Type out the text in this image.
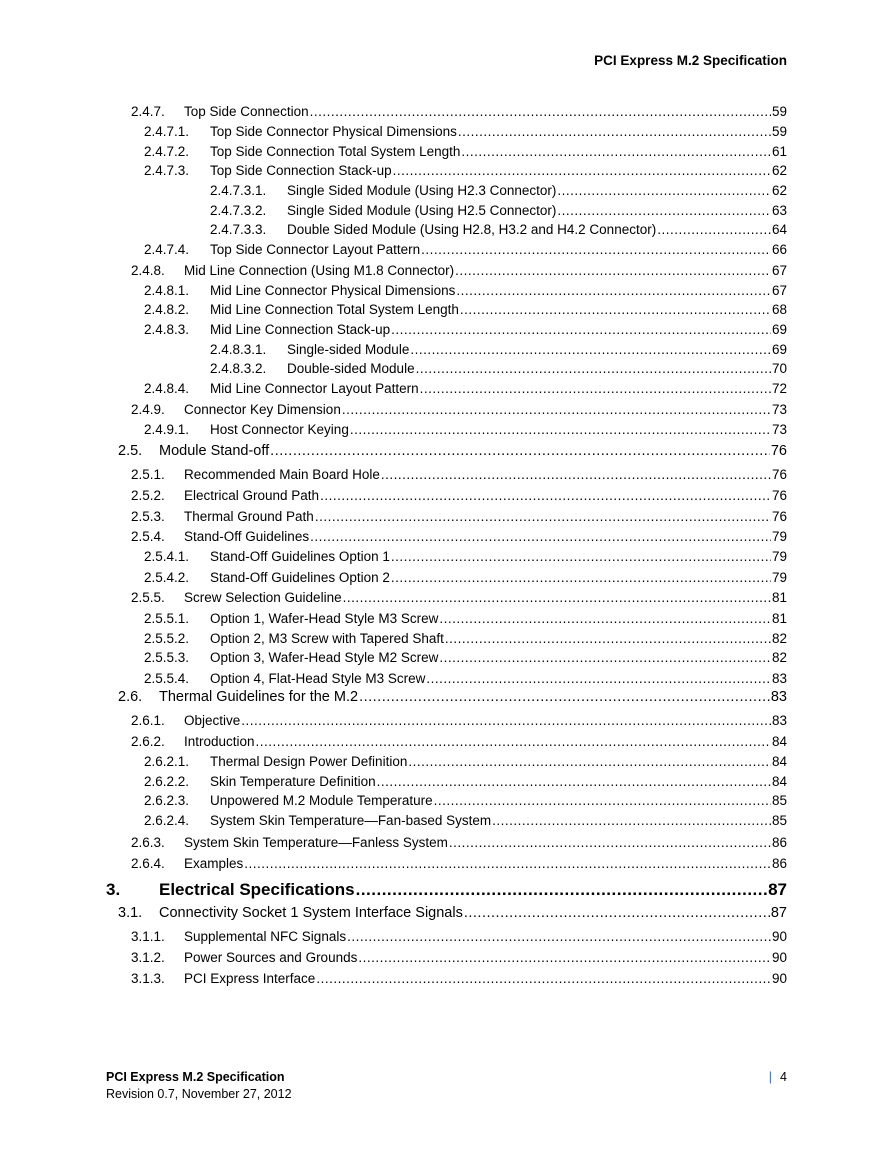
PCI Express M.2 Specification
2.4.7.	Top Side Connection .....	59
2.4.7.1.	Top Side Connector Physical Dimensions .....	59
2.4.7.2.	Top Side Connection Total System Length .....	61
2.4.7.3.	Top Side Connection Stack-up .....	62
2.4.7.3.1.	Single Sided Module (Using H2.3 Connector) .....	62
2.4.7.3.2.	Single Sided Module (Using H2.5 Connector) .....	63
2.4.7.3.3.	Double Sided Module (Using H2.8, H3.2 and H4.2 Connector) .....	64
2.4.7.4.	Top Side Connector Layout Pattern .....	66
2.4.8.	Mid Line Connection (Using M1.8 Connector) .....	67
2.4.8.1.	Mid Line Connector Physical Dimensions .....	67
2.4.8.2.	Mid Line Connection Total System Length .....	68
2.4.8.3.	Mid Line Connection Stack-up .....	69
2.4.8.3.1.	Single-sided Module .....	69
2.4.8.3.2.	Double-sided Module .....	70
2.4.8.4.	Mid Line Connector Layout Pattern .....	72
2.4.9.	Connector Key Dimension .....	73
2.4.9.1.	Host Connector Keying .....	73
2.5.	Module Stand-off .....	76
2.5.1.	Recommended Main Board Hole .....	76
2.5.2.	Electrical Ground Path .....	76
2.5.3.	Thermal Ground Path .....	76
2.5.4.	Stand-Off Guidelines .....	79
2.5.4.1.	Stand-Off Guidelines Option 1 .....	79
2.5.4.2.	Stand-Off Guidelines Option 2 .....	79
2.5.5.	Screw Selection Guideline .....	81
2.5.5.1.	Option 1, Wafer-Head Style M3 Screw .....	81
2.5.5.2.	Option 2, M3 Screw with Tapered Shaft .....	82
2.5.5.3.	Option 3, Wafer-Head Style M2 Screw .....	82
2.5.5.4.	Option 4, Flat-Head Style M3 Screw .....	83
2.6.	Thermal Guidelines for the M.2 .....	83
2.6.1.	Objective .....	83
2.6.2.	Introduction .....	84
2.6.2.1.	Thermal Design Power Definition .....	84
2.6.2.2.	Skin Temperature Definition .....	84
2.6.2.3.	Unpowered M.2 Module Temperature .....	85
2.6.2.4.	System Skin Temperature—Fan-based System .....	85
2.6.3.	System Skin Temperature—Fanless System .....	86
2.6.4.	Examples .....	86
3.	Electrical Specifications .....	87
3.1.	Connectivity Socket 1 System Interface Signals .....	87
3.1.1.	Supplemental NFC Signals .....	90
3.1.2.	Power Sources and Grounds .....	90
3.1.3.	PCI Express Interface .....	90
PCI Express M.2 Specification
Revision 0.7, November 27, 2012
| 4
